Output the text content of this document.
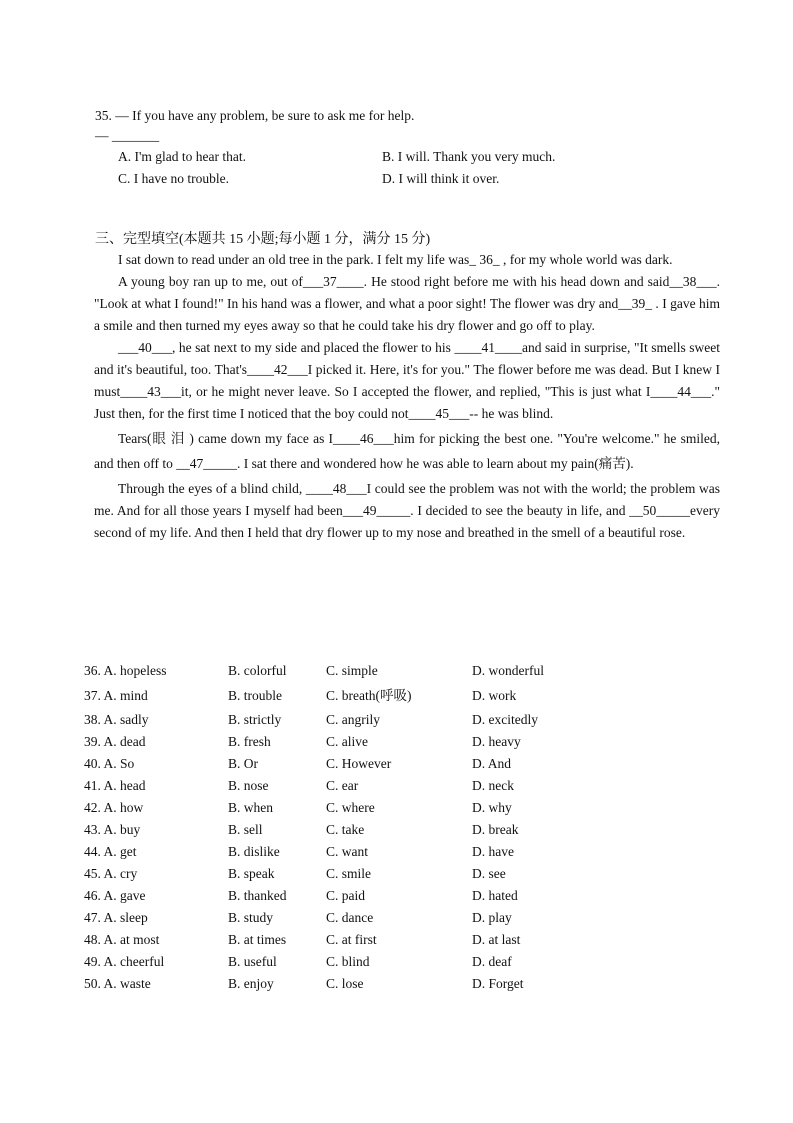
35. — If you have any problem, be sure to ask me for help.
— _______
A. I'm glad to hear that.	B. I will. Thank you very much.
C. I have no trouble.	D. I will think it over.
三、完型填空(本题共 15 小题;每小题 1 分，满分 15 分)

I sat down to read under an old tree in the park. I felt my life was_ 36_ , for my whole world was dark.

A young boy ran up to me, out of___37____. He stood right before me with his head down and said__38___. "Look at what I found!" In his hand was a flower, and what a poor sight! The flower was dry and__39_ . I gave him a smile and then turned my eyes away so that he could take his dry flower and go off to play.

___40___, he sat next to my side and placed the flower to his ____41____and said in surprise, "It smells sweet and it's beautiful, too. That's____42___I picked it. Here, it's for you." The flower before me was dead. But I knew I must____43___it, or he might never leave. So I accepted the flower, and replied, "This is just what I____44___." Just then, for the first time I noticed that the boy could not____45___-- he was blind.

Tears(眼 泪 ) came down my face as I____46___him for picking the best one. "You're welcome." he smiled, and then off to __47_____. I sat there and wondered how he was able to learn about my pain(痛苦).

Through the eyes of a blind child, ____48___I could see the problem was not with the world; the problem was me. And for all those years I myself had been___49_____. I decided to see the beauty in life, and __50_____every second of my life. And then I held that dry flower up to my nose and breathed in the smell of a beautiful rose.

36. A. hopeless	B. colorful	C. simple	D. wonderful
37. A. mind	B. trouble	C. breath(呼吸)	D. work
38. A. sadly	B. strictly	C. angrily	D. excitedly
39. A. dead	B. fresh	C. alive	D. heavy
40. A. So	B. Or	C. However	D. And
41. A. head	B. nose	C. ear	D. neck
42. A. how	B. when	C. where	D. why
43. A. buy	B. sell	C. take	D. break
44. A. get	B. dislike	C. want	D. have
45. A. cry	B. speak	C. smile	D. see
46. A. gave	B. thanked	C. paid	D. hated
47. A. sleep	B. study	C. dance	D. play
48. A. at most	B. at times	C. at first	D. at last
49. A. cheerful	B. useful	C. blind	D. deaf
50. A. waste	B. enjoy	C. lose	D. Forget
